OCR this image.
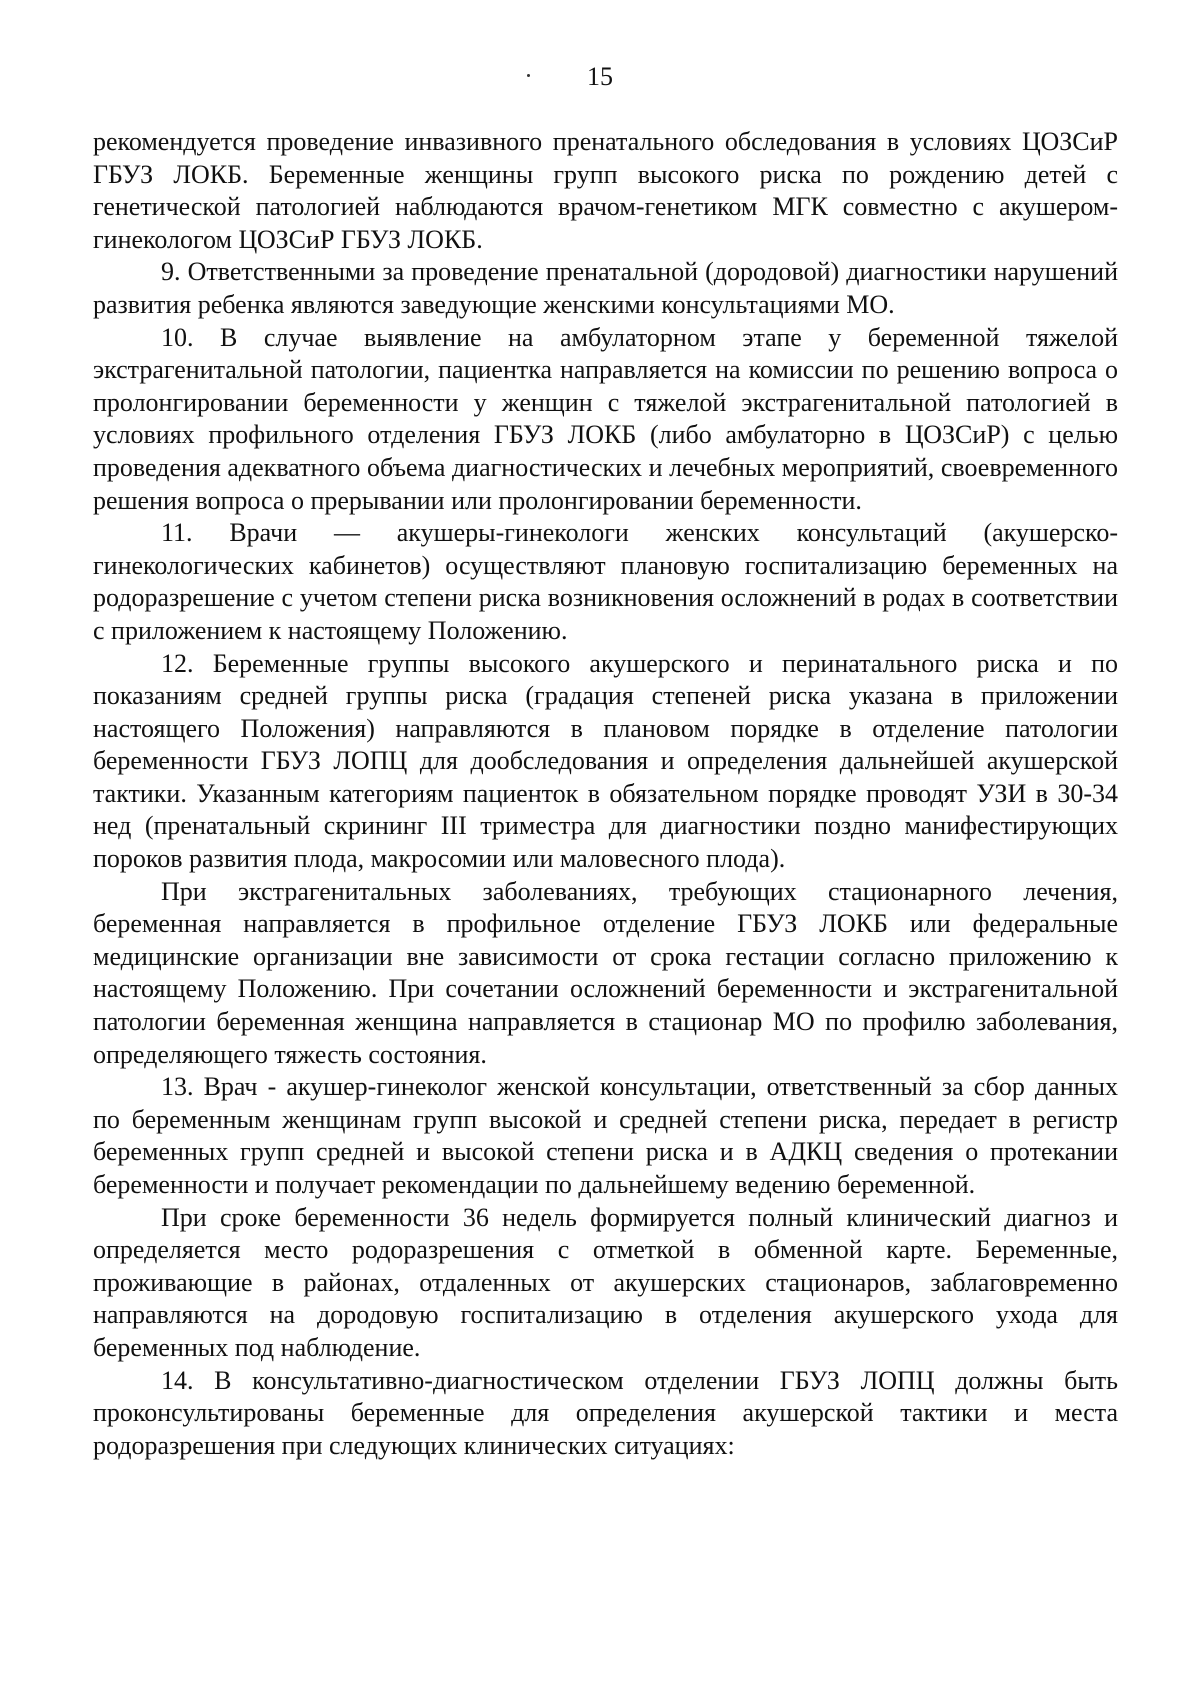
15

рекомендуется проведение инвазивного пренатального обследования в условиях ЦОЗСиР ГБУЗ ЛОКБ. Беременные женщины групп высокого риска по рождению детей с генетической патологией наблюдаются врачом-генетиком МГК совместно с акушером-гинекологом ЦОЗСиР ГБУЗ ЛОКБ.

9. Ответственными за проведение пренатальной (дородовой) диагностики нарушений развития ребенка являются заведующие женскими консультациями МО.

10. В случае выявление на амбулаторном этапе у беременной тяжелой экстрагенитальной патологии, пациентка направляется на комиссии по решению вопроса о пролонгировании беременности у женщин с тяжелой экстрагенитальной патологией в условиях профильного отделения ГБУЗ ЛОКБ (либо амбулаторно в ЦОЗСиР) с целью проведения адекватного объема диагностических и лечебных мероприятий, своевременного решения вопроса о прерывании или пролонгировании беременности.

11. Врачи — акушеры-гинекологи женских консультаций (акушерско-гинекологических кабинетов) осуществляют плановую госпитализацию беременных на родоразрешение с учетом степени риска возникновения осложнений в родах в соответствии с приложением к настоящему Положению.

12. Беременные группы высокого акушерского и перинатального риска и по показаниям средней группы риска (градация степеней риска указана в приложении настоящего Положения) направляются в плановом порядке в отделение патологии беременности ГБУЗ ЛОПЦ для дообследования и определения дальнейшей акушерской тактики. Указанным категориям пациенток в обязательном порядке проводят УЗИ в 30-34 нед (пренатальный скрининг III триместра для диагностики поздно манифестирующих пороков развития плода, макросомии или маловесного плода).

При экстрагенитальных заболеваниях, требующих стационарного лечения, беременная направляется в профильное отделение ГБУЗ ЛОКБ или федеральные медицинские организации вне зависимости от срока гестации согласно приложению к настоящему Положению. При сочетании осложнений беременности и экстрагенитальной патологии беременная женщина направляется в стационар МО по профилю заболевания, определяющего тяжесть состояния.

13. Врач - акушер-гинеколог женской консультации, ответственный за сбор данных по беременным женщинам групп высокой и средней степени риска, передает в регистр беременных групп средней и высокой степени риска и в АДКЦ сведения о протекании беременности и получает рекомендации по дальнейшему ведению беременной.

При сроке беременности 36 недель формируется полный клинический диагноз и определяется место родоразрешения с отметкой в обменной карте. Беременные, проживающие в районах, отдаленных от акушерских стационаров, заблаговременно направляются на дородовую госпитализацию в отделения акушерского ухода для беременных под наблюдение.

14. В консультативно-диагностическом отделении ГБУЗ ЛОПЦ должны быть проконсультированы беременные для определения акушерской тактики и места родоразрешения при следующих клинических ситуациях:
